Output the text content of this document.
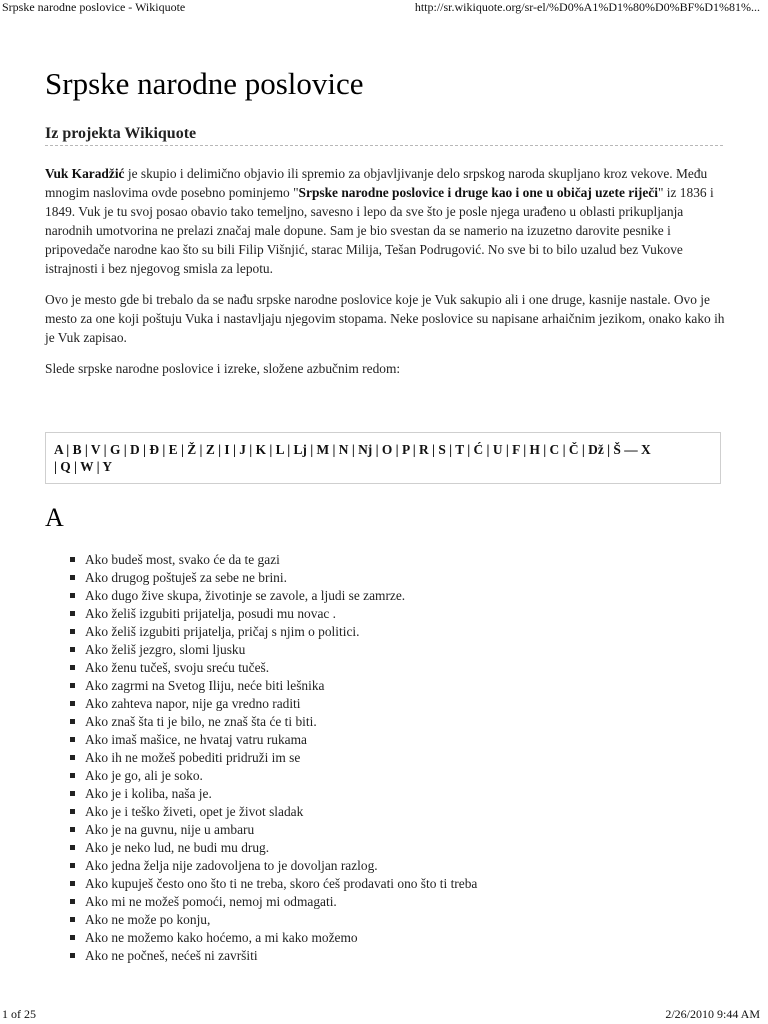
Srpske narodne poslovice - Wikiquote	http://sr.wikiquote.org/sr-el/%D0%A1%D1%80%D0%BF%D1%81%...
Srpske narodne poslovice
Iz projekta Wikiquote

Vuk Karadžić je skupio i delimično objavio ili spremio za objavljivanje delo srpskog naroda skupljano kroz vekove. Među mnogim naslovima ovde posebno pominjemo "Srpske narodne poslovice i druge kao i one u običaj uzete riječi" iz 1836 i 1849. Vuk je tu svoj posao obavio tako temeljno, savesno i lepo da sve što je posle njega urađeno u oblasti prikupljanja narodnih umotvorina ne prelazi značaj male dopune. Sam je bio svestan da se namerio na izuzetno darovite pesnike i pripovedače narodne kao što su bili Filip Višnjić, starac Milija, Tešan Podrugović. No sve bi to bilo uzalud bez Vukove istrajnosti i bez njegovog smisla za lepotu.

Ovo je mesto gde bi trebalo da se nađu srpske narodne poslovice koje je Vuk sakupio ali i one druge, kasnije nastale. Ovo je mesto za one koji poštuju Vuka i nastavljaju njegovim stopama. Neke poslovice su napisane arhaičnim jezikom, onako kako ih je Vuk zapisao.

Slede srpske narodne poslovice i izreke, složene azbučnim redom:

A | B | V | G | D | Đ | E | Ž | Z | I | J | K | L | Lj | M | N | Nj | O | P | R | S | T | Ć | U | F | H | C | Č | Dž | Š — X
| Q | W | Y
A
Ako budeš most, svako će da te gazi
Ako drugog poštuješ za sebe ne brini.
Ako dugo žive skupa, životinje se zavole, a ljudi se zamrze.
Ako želiš izgubiti prijatelja, posudi mu novac .
Ako želiš izgubiti prijatelja, pričaj s njim o politici.
Ako želiš jezgro, slomi ljusku
Ako ženu tučeš, svoju sreću tučeš.
Ako zagrmi na Svetog Iliju, neće biti lešnika
Ako zahteva napor, nije ga vredno raditi
Ako znaš šta ti je bilo, ne znaš šta će ti biti.
Ako imaš mašice, ne hvataj vatru rukama
Ako ih ne možeš pobediti pridruži im se
Ako je go, ali je soko.
Ako je i koliba, naša je.
Ako je i teško živeti, opet je život sladak
Ako je na guvnu, nije u ambaru
Ako je neko lud, ne budi mu drug.
Ako jedna želja nije zadovoljena to je dovoljan razlog.
Ako kupuješ često ono što ti ne treba, skoro ćeš prodavati ono što ti treba
Ako mi ne možeš pomoći, nemoj mi odmagati.
Ako ne može po konju,
Ako ne možemo kako hoćemo, a mi kako možemo
Ako ne počneš, nećeš ni završiti
1 of 25	2/26/2010 9:44 AM
